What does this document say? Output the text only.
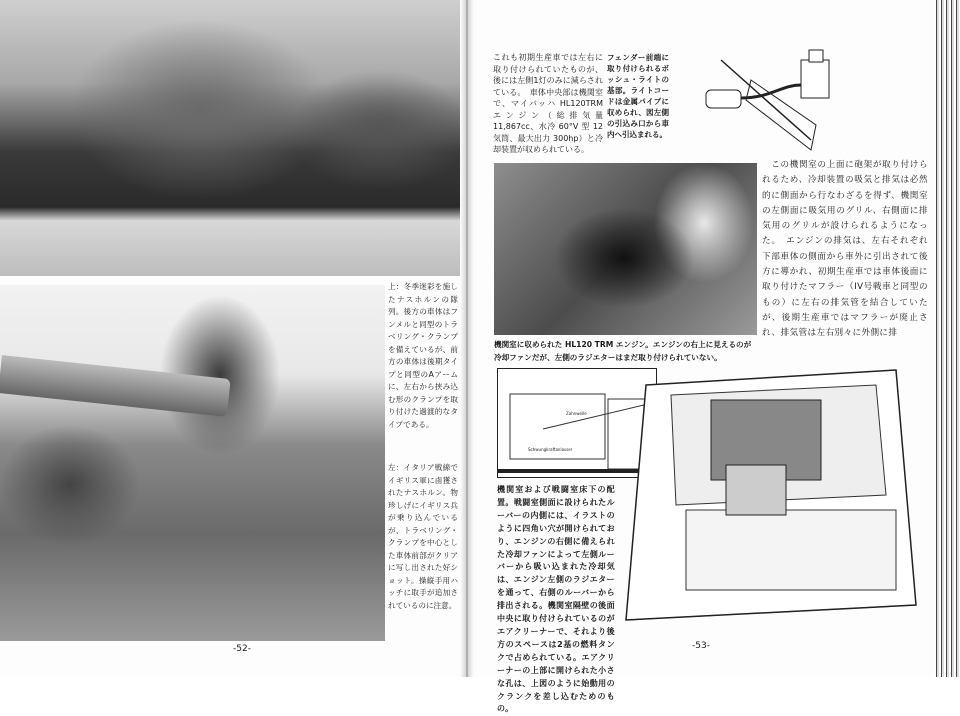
上：冬季迷彩を施したナスホルンの隊列。後方の車体はフンメルと同型のトラベリング・クランプを備えているが、前方の車体は後期タイプと同型のAアームに、左右から挟み込む形のクランプを取り付けた過渡的なタイプである。
左：イタリア戦線でイギリス軍に鹵獲されたナスホルン。物珍しげにイギリス兵が乗り込んでいるが、トラベリング・クランプを中心とした車体前部がクリアに写し出された好ショット。操縦手用ハッチに取手が追加されているのに注意。
-52-
これも初期生産車では左右に取り付けられていたものが、後には左側1灯のみに減らされている。　車体中央部は機関室で、マイバッハ HL120TRM エンジン（総排気量 11,867cc、水冷 60°V 型 12 気筒、最大出力 300hp）と冷却装置が収められている。
フェンダー前端に取り付けられるボッシュ・ライトの基部。ライトコードは金属パイプに収められ、図左側の引込み口から車内へ引込まれる。
機関室に収められた HL120 TRM エンジン。エンジンの右上に見えるのが冷却ファンだが、左側のラジエターはまだ取り付けられていない。
　この機関室の上面に砲架が取り付けられるため、冷却装置の吸気と排気は必然的に側面から行なわざるを得ず、機関室の左側面に吸気用のグリル、右側面に排気用のグリルが設けられるようになった。　エンジンの排気は、左右それぞれ下部車体の側面から車外に引出されて後方に導かれ、初期生産車では車体後面に取り付けたマフラー（IV号戦車と同型のもの）に左右の排気管を結合していたが、後期生産車ではマフラーが廃止され、排気管は左右別々に外側に排
Zahnwelle
Schwungkraftanlasser
機関室および戦闘室床下の配置。戦闘室側面に設けられたルーバーの内側には、イラストのように四角い穴が開けられており、エンジンの右側に備えられた冷却ファンによって左側ルーバーから吸い込まれた冷却気は、エンジン左側のラジエターを通って、右側のルーバーから排出される。機関室隔壁の後面中央に取り付けられているのがエアクリーナーで、それより後方のスペースは2基の燃料タンクで占められている。エアクリーナーの上部に開けられた小さな孔は、上図のように始動用のクランクを差し込むためのもの。
-53-
